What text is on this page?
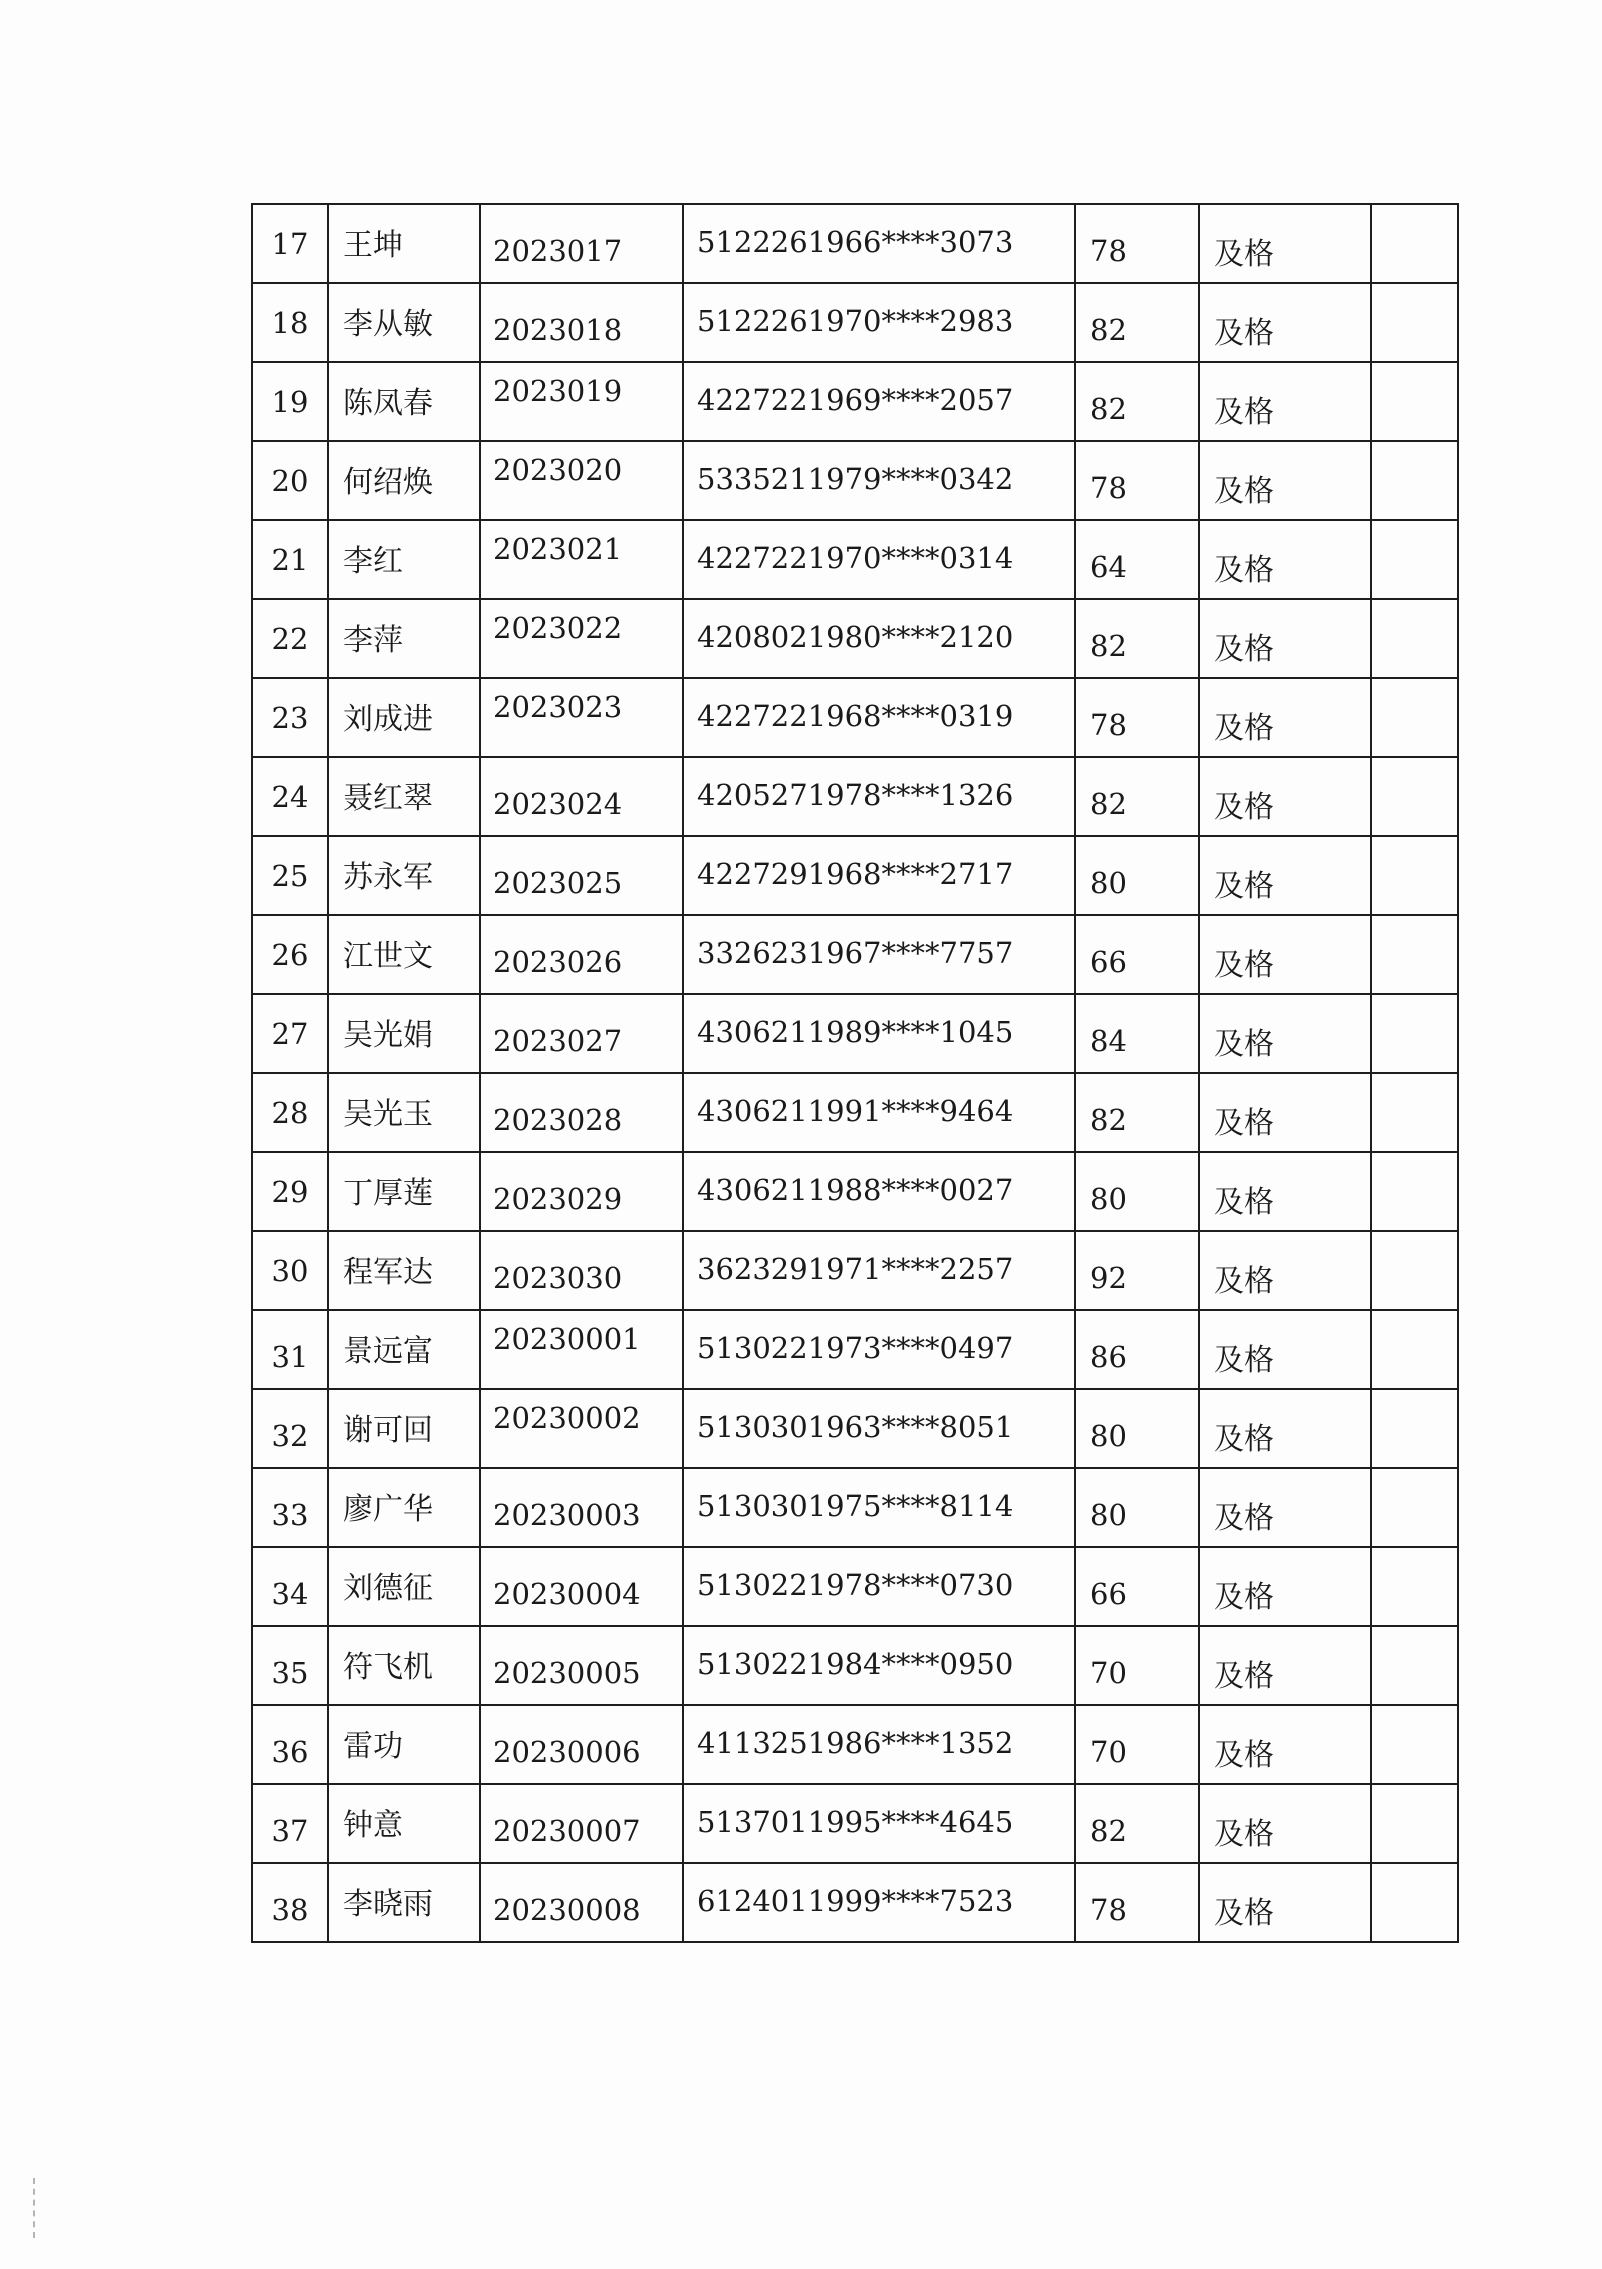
17	王坤	2023017	5122261966****3073	78	及格	

18	李从敏	2023018	5122261970****2983	82	及格	

19	陈凤春	2023019	4227221969****2057	82	及格	

20	何绍焕	2023020	5335211979****0342	78	及格	

21	李红	2023021	4227221970****0314	64	及格	

22	李萍	2023022	4208021980****2120	82	及格	

23	刘成进	2023023	4227221968****0319	78	及格	

24	聂红翠	2023024	4205271978****1326	82	及格	

25	苏永军	2023025	4227291968****2717	80	及格	

26	江世文	2023026	3326231967****7757	66	及格	

27	吴光娟	2023027	4306211989****1045	84	及格	

28	吴光玉	2023028	4306211991****9464	82	及格	

29	丁厚莲	2023029	4306211988****0027	80	及格	

30	程军达	2023030	3623291971****2257	92	及格	

31	景远富	20230001	5130221973****0497	86	及格	

32	谢可回	20230002	5130301963****8051	80	及格	

33	廖广华	20230003	5130301975****8114	80	及格	

34	刘德征	20230004	5130221978****0730	66	及格	

35	符飞机	20230005	5130221984****0950	70	及格	

36	雷功	20230006	4113251986****1352	70	及格	

37	钟意	20230007	5137011995****4645	82	及格	

38	李晓雨	20230008	6124011999****7523	78	及格	
